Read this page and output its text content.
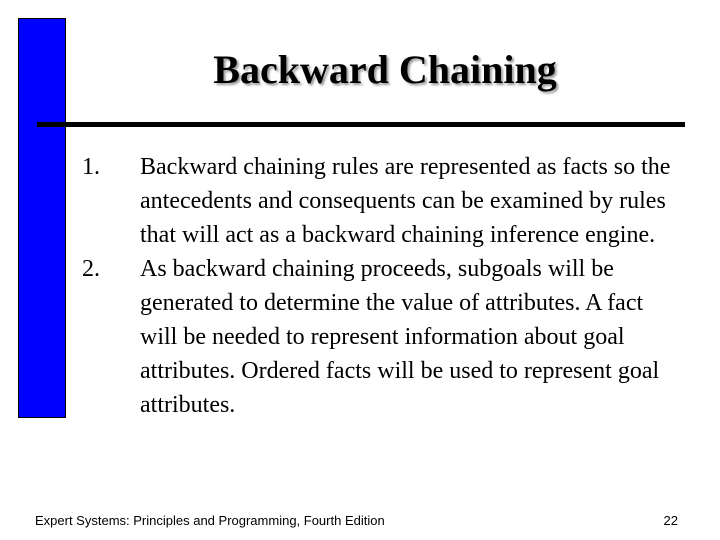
Backward Chaining
1.	Backward chaining rules are represented as facts so the antecedents and consequents can be examined by rules that will act as a backward chaining inference engine.
2.	As backward chaining proceeds, subgoals will be generated to determine the value of attributes. A fact will be needed to represent information about goal attributes. Ordered facts will be used to represent goal attributes.
Expert Systems: Principles and Programming, Fourth Edition	22
